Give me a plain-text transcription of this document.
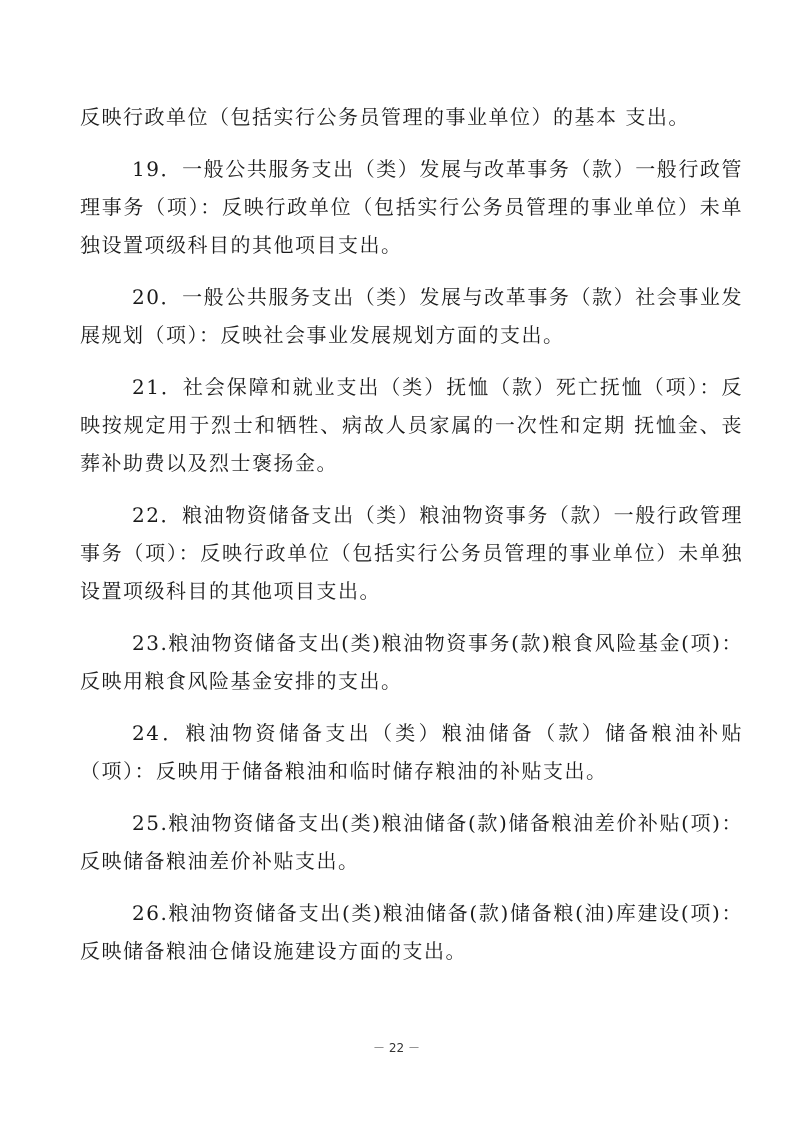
反映行政单位（包括实行公务员管理的事业单位）的基本 支出。

19．一般公共服务支出（类）发展与改革事务（款）一般行政管理事务（项）：反映行政单位（包括实行公务员管理的事业单位）未单独设置项级科目的其他项目支出。

20．一般公共服务支出（类）发展与改革事务（款）社会事业发展规划（项）：反映社会事业发展规划方面的支出。

21．社会保障和就业支出（类）抚恤（款）死亡抚恤（项）：反映按规定用于烈士和牺牲、病故人员家属的一次性和定期 抚恤金、丧葬补助费以及烈士褒扬金。

22．粮油物资储备支出（类）粮油物资事务（款）一般行政管理事务（项）：反映行政单位（包括实行公务员管理的事业单位）未单独设置项级科目的其他项目支出。

23.粮油物资储备支出(类)粮油物资事务(款)粮食风险基金(项)：反映用粮食风险基金安排的支出。

24．粮油物资储备支出（类）粮油储备（款）储备粮油补贴（项）：反映用于储备粮油和临时储存粮油的补贴支出。

25.粮油物资储备支出(类)粮油储备(款)储备粮油差价补贴(项)：反映储备粮油差价补贴支出。

26.粮油物资储备支出(类)粮油储备(款)储备粮(油)库建设(项)：反映储备粮油仓储设施建设方面的支出。

－ 22 －
